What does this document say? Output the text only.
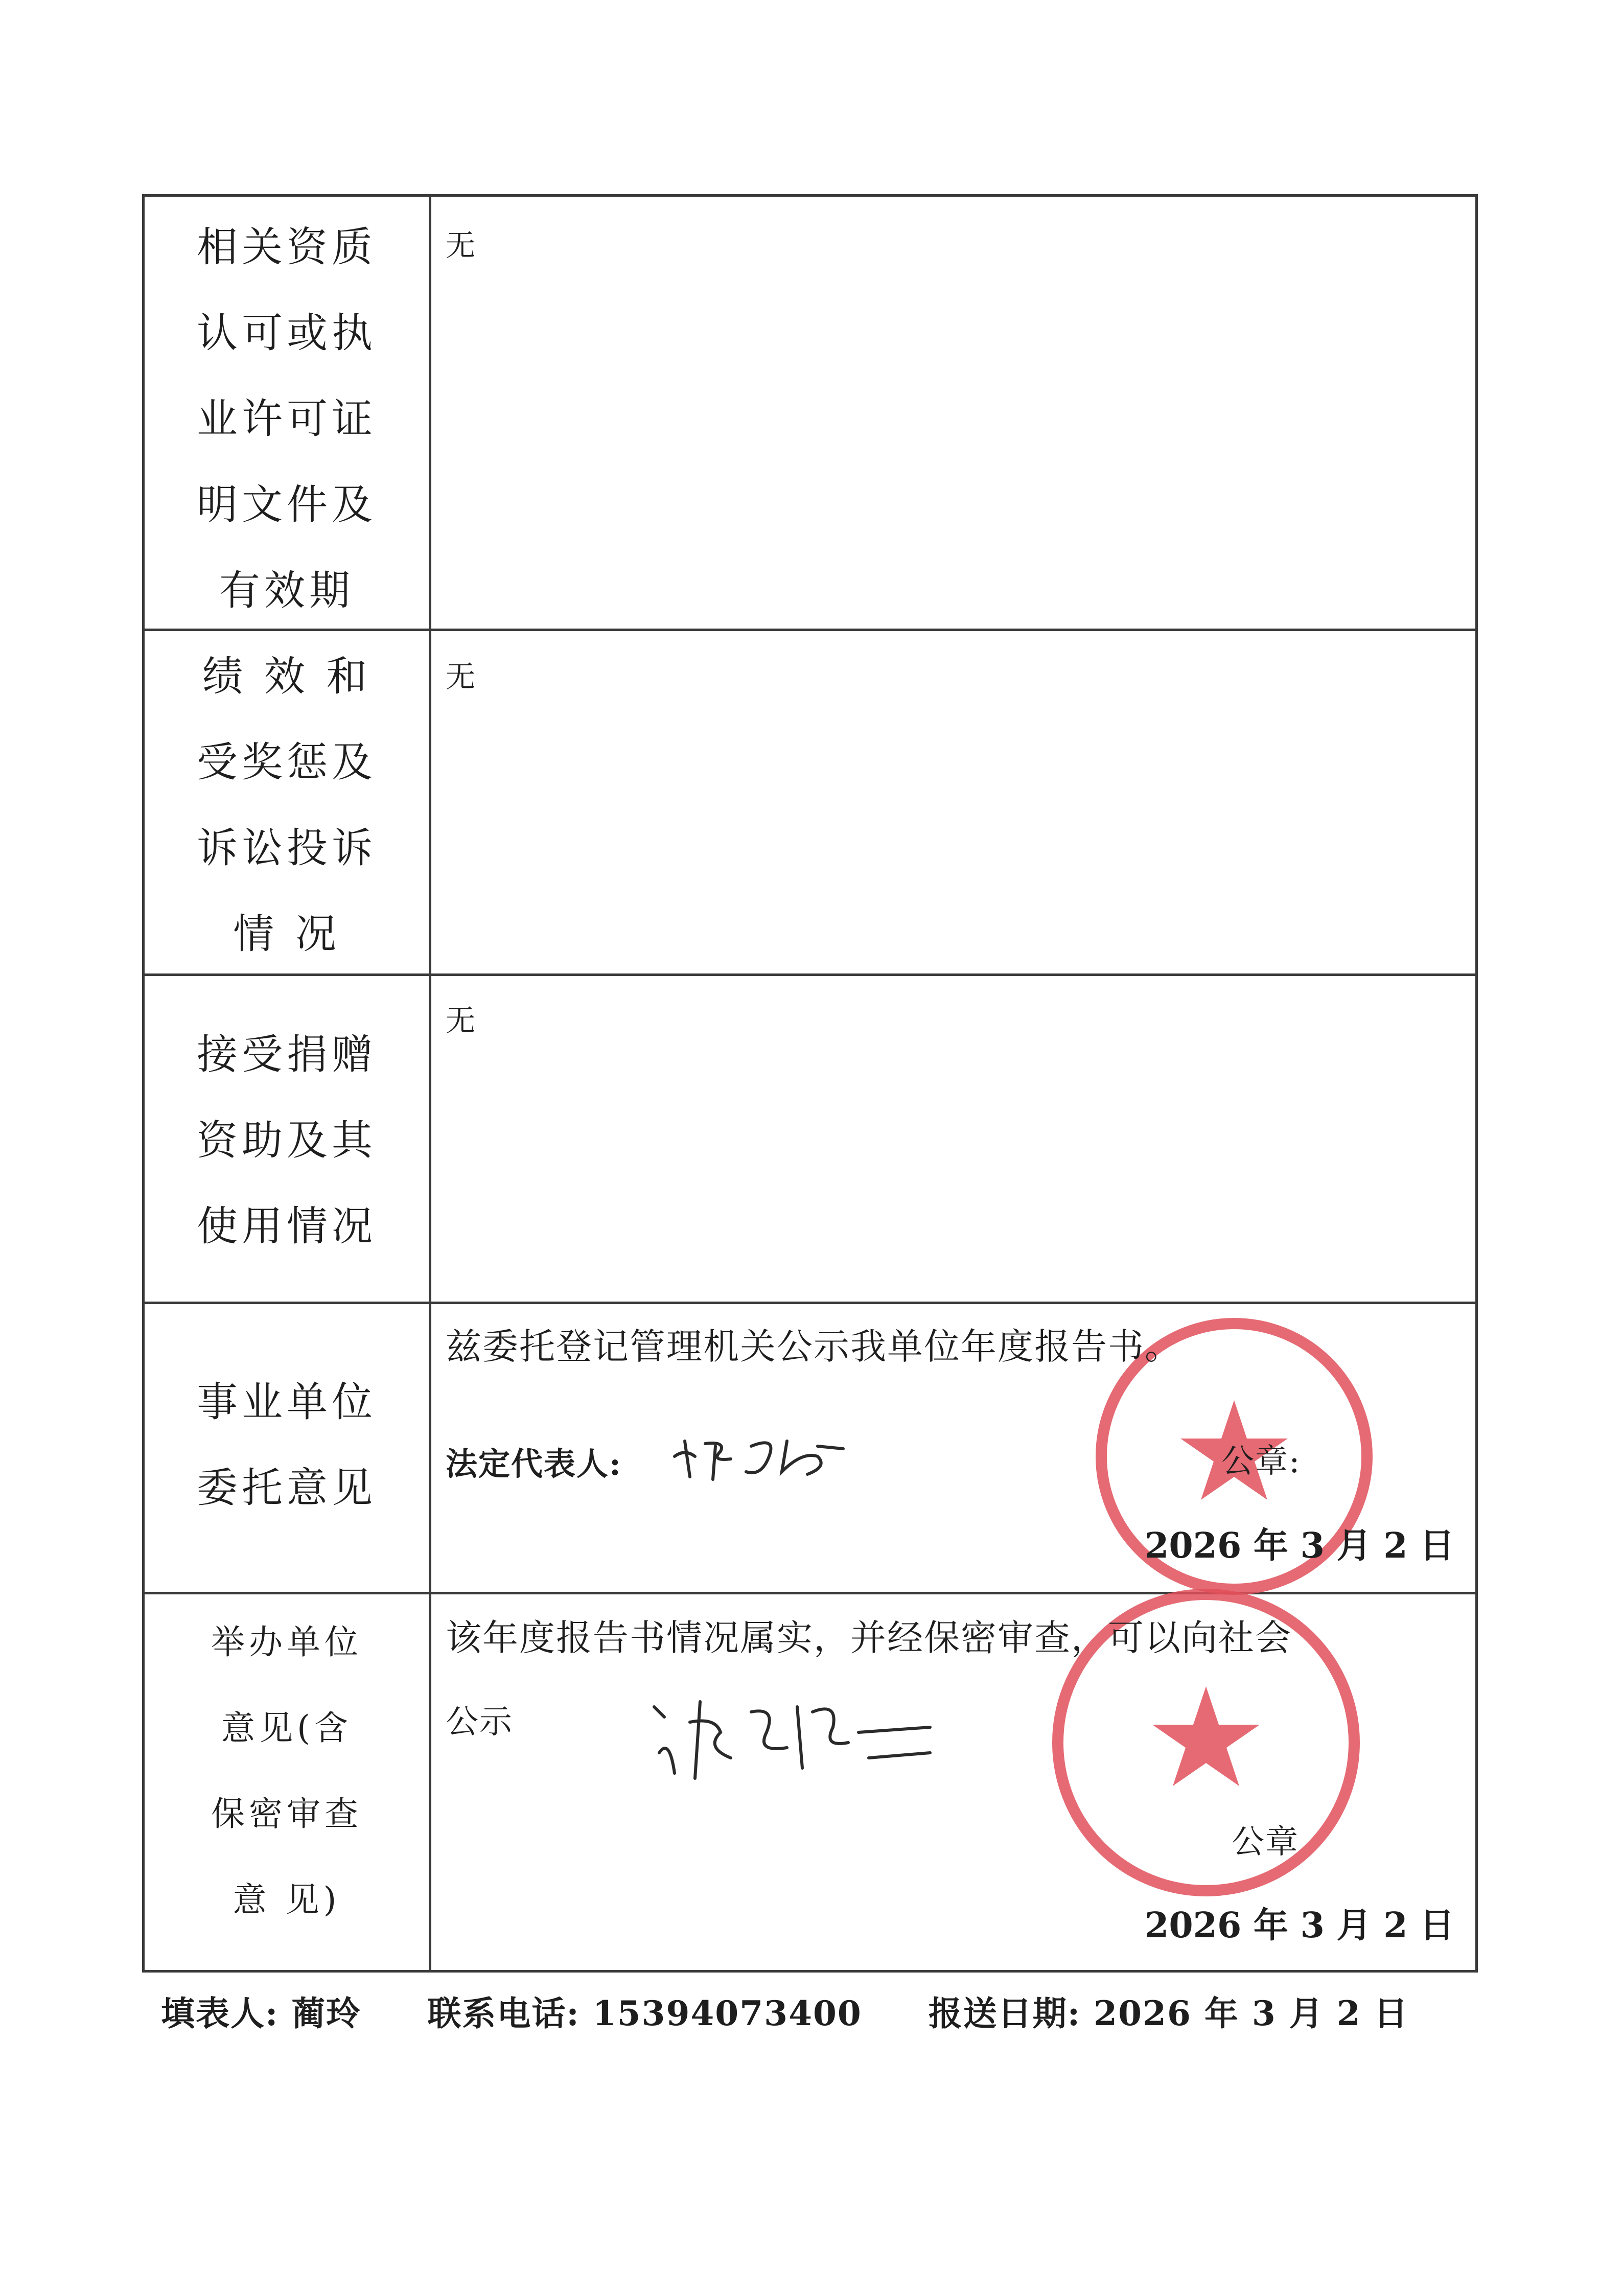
相关资质
认可或执
业许可证
明文件及
有效期
无
绩 效 和
受奖惩及
诉讼投诉
情 况
无
接受捐赠
资助及其
使用情况
无
事业单位
委托意见
兹委托登记管理机关公示我单位年度报告书。
法定代表人:	公章:
2026 年 3 月 2 日
举办单位
意见(含
保密审查
意 见)
该年度报告书情况属实，并经保密审查，可以向社会
公示
公章
2026 年 3 月 2 日
填表人: 蔺玲 联系电话: 15394073400 报送日期: 2026 年 3 月 2 日
